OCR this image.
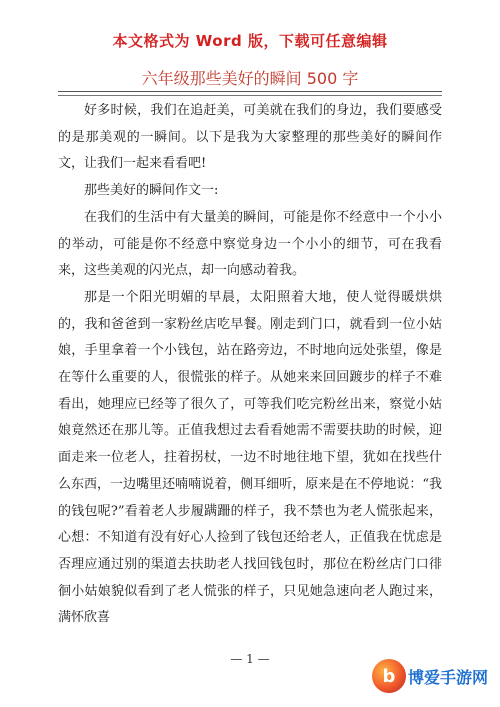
本文格式为 Word 版，下载可任意编辑
六年级那些美好的瞬间 500 字

好多时候，我们在追赶美，可美就在我们的身边，我们要感受的是那美观的一瞬间。以下是我为大家整理的那些美好的瞬间作文，让我们一起来看看吧!

那些美好的瞬间作文一:

在我们的生活中有大量美的瞬间，可能是你不经意中一个小小的举动，可能是你不经意中察觉身边一个小小的细节，可在我看来，这些美观的闪光点，却一向感动着我。

那是一个阳光明媚的早晨，太阳照着大地，使人觉得暖烘烘的，我和爸爸到一家粉丝店吃早餐。刚走到门口，就看到一位小姑娘，手里拿着一个小钱包，站在路旁边，不时地向远处张望，像是在等什么重要的人，很慌张的样子。从她来来回回踱步的样子不难看出，她理应已经等了很久了，可等我们吃完粉丝出来，察觉小姑娘竟然还在那儿等。正值我想过去看看她需不需要扶助的时候，迎面走来一位老人，拄着拐杖，一边不时地往地下望，犹如在找些什么东西，一边嘴里还喃喃说着，侧耳细听，原来是在不停地说：“我的钱包呢?”看着老人步履蹒跚的样子，我不禁也为老人慌张起来，心想：不知道有没有好心人捡到了钱包还给老人，正值我在忧虑是否理应通过别的渠道去扶助老人找回钱包时，那位在粉丝店门口徘徊小姑娘貌似看到了老人慌张的样子，只见她急速向老人跑过来，满怀欣喜

— 1 —
b 博爱手游网
